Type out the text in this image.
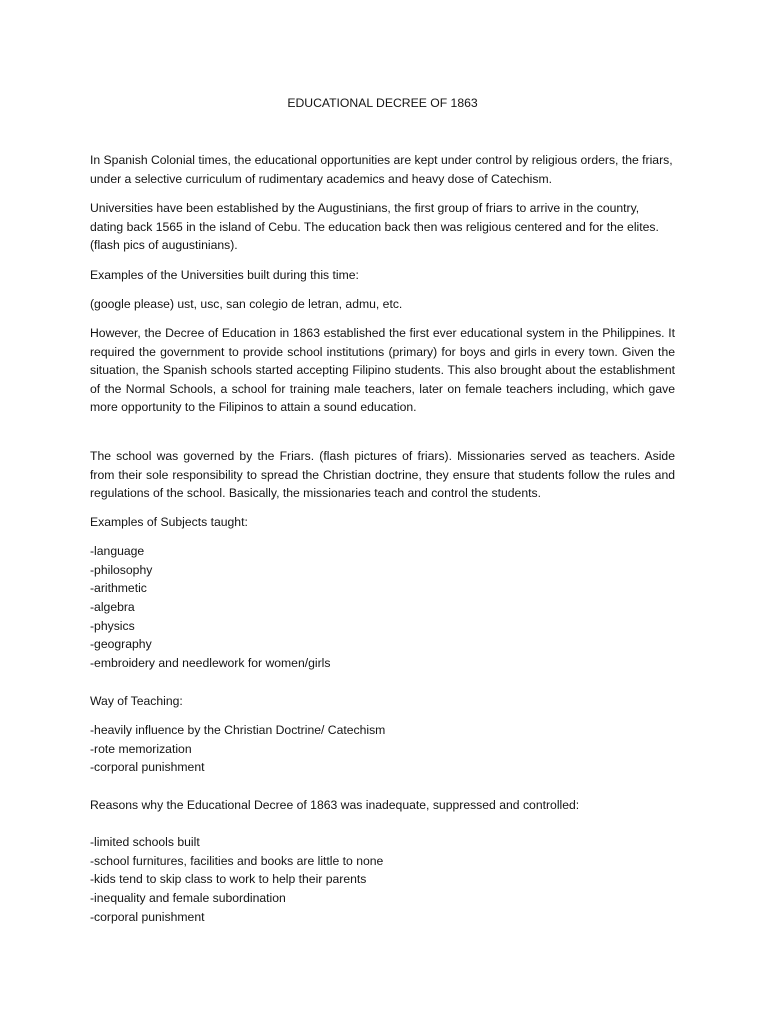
EDUCATIONAL DECREE OF 1863

In Spanish Colonial times, the educational opportunities are kept under control by religious orders, the friars, under a selective curriculum of rudimentary academics and heavy dose of Catechism.

Universities have been established by the Augustinians, the first group of friars to arrive in the country, dating back 1565 in the island of Cebu. The education back then was religious centered and for the elites. (flash pics of augustinians).

Examples of the Universities built during this time:

(google please) ust, usc, san colegio de letran, admu, etc.

However, the Decree of Education in 1863 established the first ever educational system in the Philippines. It required the government to provide school institutions (primary) for boys and girls in every town. Given the situation, the Spanish schools started accepting Filipino students. This also brought about the establishment of the Normal Schools, a school for training male teachers, later on female teachers including, which gave more opportunity to the Filipinos to attain a sound education.

The school was governed by the Friars. (flash pictures of friars). Missionaries served as teachers. Aside from their sole responsibility to spread the Christian doctrine, they ensure that students follow the rules and regulations of the school. Basically, the missionaries teach and control the students.

Examples of Subjects taught:

-language
-philosophy
-arithmetic
-algebra
-physics
-geography
-embroidery and needlework for women/girls

Way of Teaching:

-heavily influence by the Christian Doctrine/ Catechism
-rote memorization
-corporal punishment

Reasons why the Educational Decree of 1863 was inadequate, suppressed and controlled:

-limited schools built
-school furnitures, facilities and books are little to none
-kids tend to skip class to work to help their parents
-inequality and female subordination
-corporal punishment
